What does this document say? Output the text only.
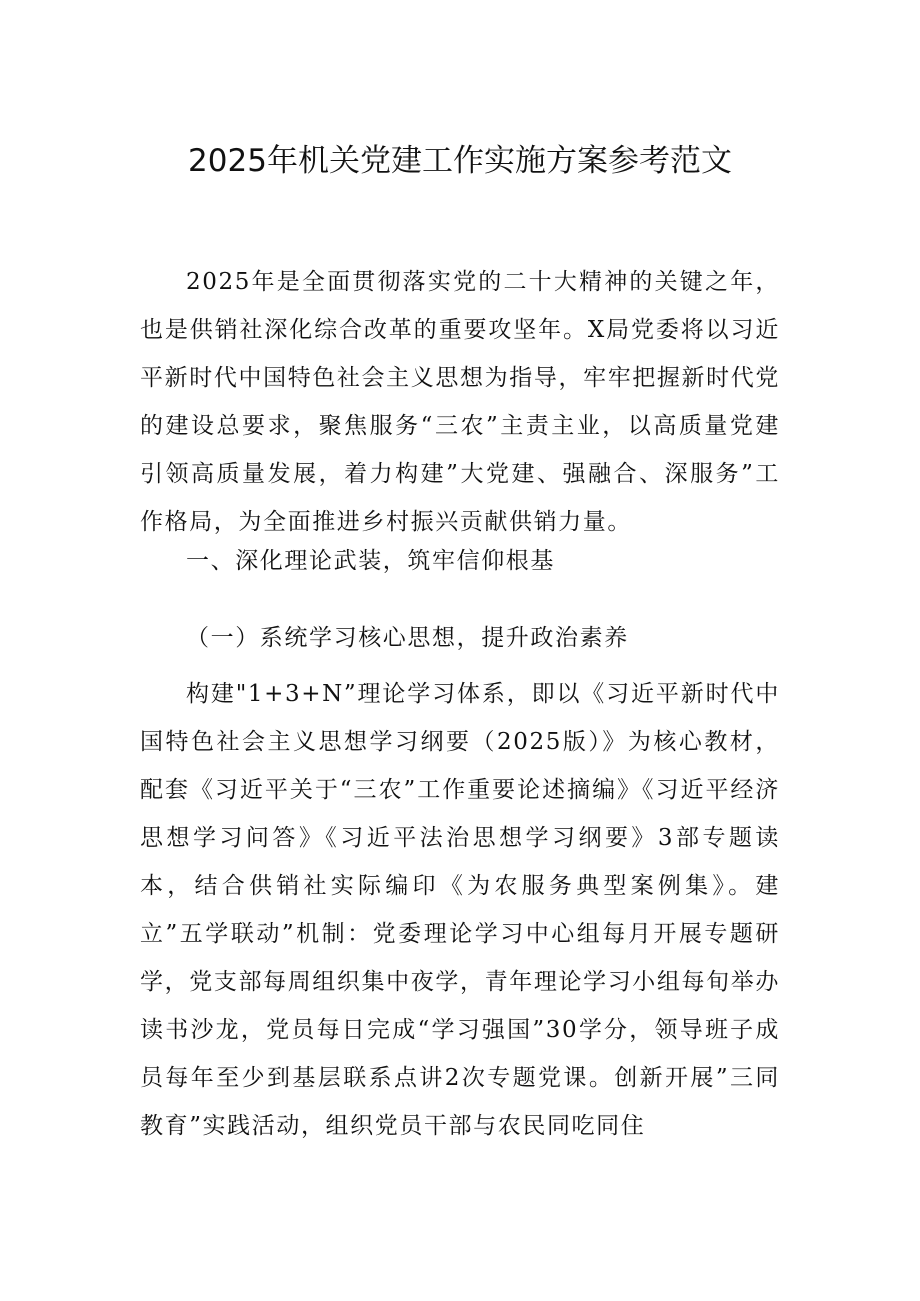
2025年机关党建工作实施方案参考范文

2025年是全面贯彻落实党的二十大精神的关键之年，也是供销社深化综合改革的重要攻坚年。X局党委将以习近平新时代中国特色社会主义思想为指导，牢牢把握新时代党的建设总要求，聚焦服务“三农”主责主业，以高质量党建引领高质量发展，着力构建”大党建、强融合、深服务”工作格局，为全面推进乡村振兴贡献供销力量。

一、深化理论武装，筑牢信仰根基

（一）系统学习核心思想，提升政治素养

构建"1+3+N”理论学习体系，即以《习近平新时代中国特色社会主义思想学习纲要（2025版）》为核心教材，配套《习近平关于“三农”工作重要论述摘编》《习近平经济思想学习问答》《习近平法治思想学习纲要》3部专题读本，结合供销社实际编印《为农服务典型案例集》。建立”五学联动”机制：党委理论学习中心组每月开展专题研学，党支部每周组织集中夜学，青年理论学习小组每旬举办读书沙龙，党员每日完成“学习强国”30学分，领导班子成员每年至少到基层联系点讲2次专题党课。创新开展”三同教育”实践活动，组织党员干部与农民同吃同住
